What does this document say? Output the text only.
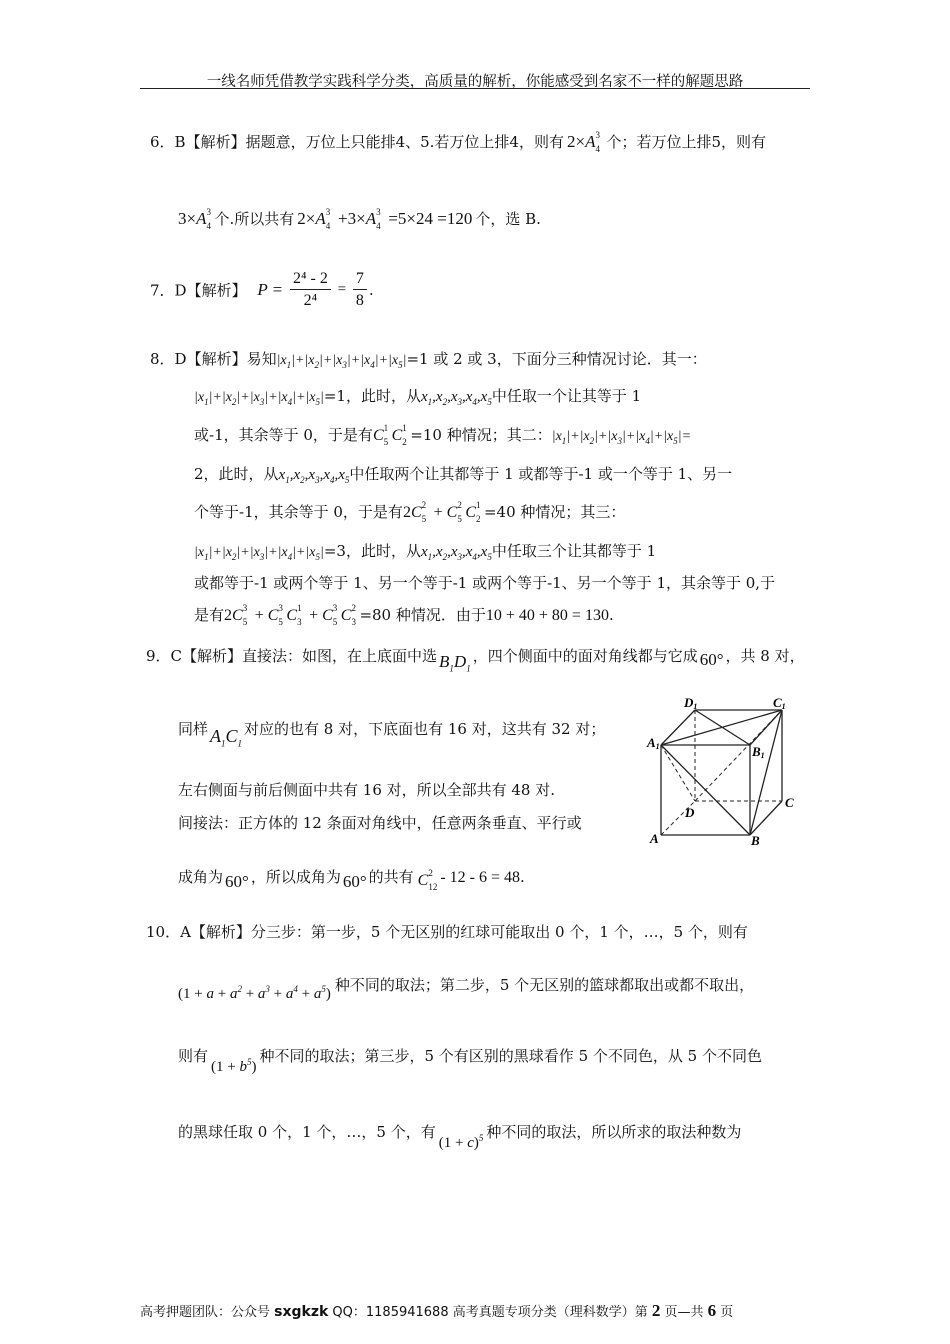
一线名师凭借教学实践科学分类，高质量的解析，你能感受到名家不一样的解题思路
6．B【解析】据题意，万位上只能排4、5.若万位上排4，则有 2×A 3
4 个；若万位上排5，则有
3×A 3
4 个.所以共有 2×A 3
4 +3×A 3
4 =5×24 =120 个，选 B.
7．D【解析】 $P = \frac{\text{2⁴ - 2}}{\text{2⁴}} = \frac{7}{8}$ .
8．D【解析】易知$|x_1|+|x_2|+|x_3|+|x_4|+|x_5|=1$ 或 2 或 3，下面分三种情况讨论．其一：
$|x_1|+|x_2|+|x_3|+|x_4|+|x_5|=1$，此时，从$x_1,x_2,x_3,x_4,x_5$中任取一个让其等于 1
或-1，其余等于 0，于是有C 1
5 C 1
2 =10 种情况；其二：$|x_1|+|x_2|+|x_3|+|x_4|+|x_5|=$
2，此时，从$x_1,x_2,x_3,x_4,x_5$中任取两个让其都等于 1 或都等于-1 或一个等于 1、另一
个等于-1，其余等于 0，于是有2C 2
5 + C 2
5 C 1
2 =40 种情况；其三：
$|x_1|+|x_2|+|x_3|+|x_4|+|x_5|=3$，此时，从$x_1,x_2,x_3,x_4,x_5$中任取三个让其都等于 1
或都等于-1 或两个等于 1、另一个等于-1 或两个等于-1、另一个等于 1，其余等于 0,于
是有2C 3
5 + C 3
5 C 1
3 + C 3
5 C 2
3 =80 种情况．由于10 + 40 + 80 = 130.
9．C【解析】直接法：如图，在上底面中选 $B_1D_1$，四个侧面中的面对角线都与它成 60° ，共 8 对，
同样 $A_1C_1$对应的也有 8 对，下底面也有 16 对，这共有 32 对；
左右侧面与前后侧面中共有 16 对，所以全部共有 48 对.
间接法：正方体的 12 条面对角线中，任意两条垂直、平行或
成角为 60° ，所以成角为 60° 的共有 C 2
12
- 12 - 6 = 48.
D1	C1
A1	B1
D
C
A	B
10．A【解析】分三步：第一步，5 个无区别的红球可能取出 0 个，1 个，…，5 个，则有
$(1 + a + a^2 + a^3 + a^4 + a^5)$ 种不同的取法；第二步，5 个无区别的篮球都取出或都不取出，
则有$(1 + b^5)$种不同的取法；第三步，5 个有区别的黑球看作 5 个不同色，从 5 个不同色
的黑球任取 0 个，1 个，…，5 个，有$(1 + c)^5$ 种不同的取法，所以所求的取法种数为
高考押题团队：公众号 sxgkzk QQ：1185941688 高考真题专项分类（理科数学）第 2 页—共 6 页
